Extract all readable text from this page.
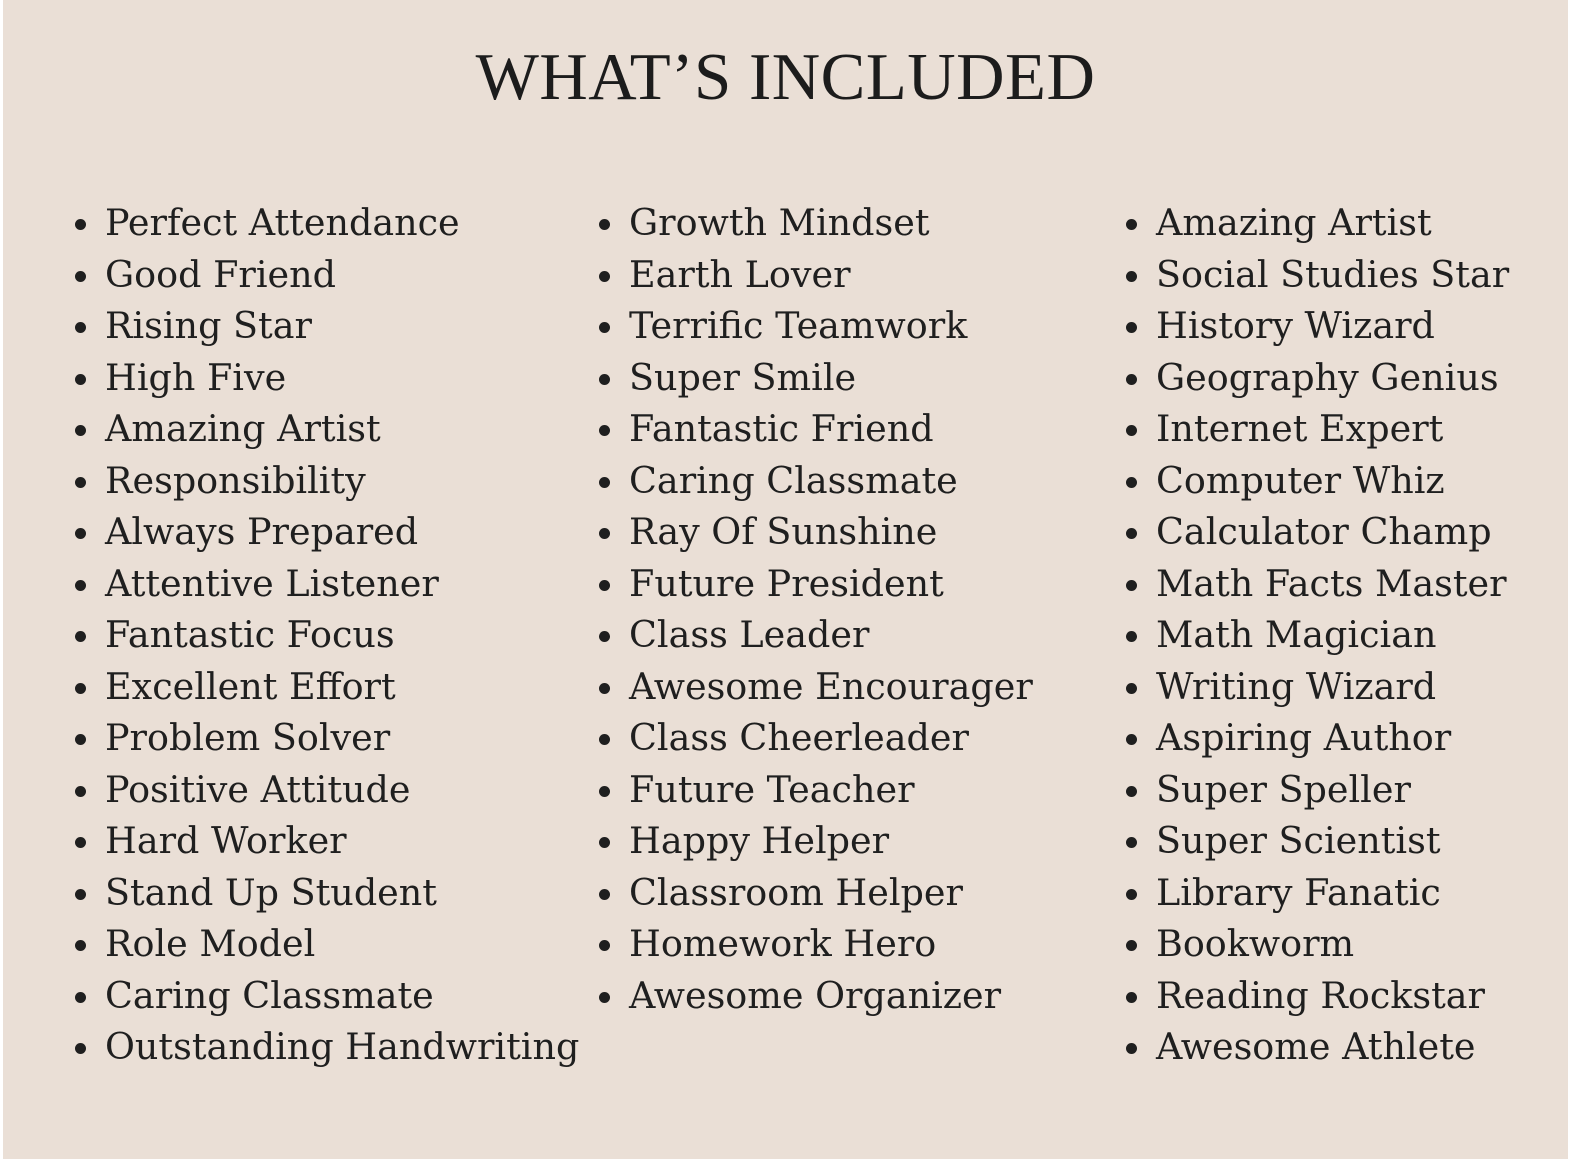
WHAT’S INCLUDED
Perfect Attendance
Good Friend
Rising Star
High Five
Amazing Artist
Responsibility
Always Prepared
Attentive Listener
Fantastic Focus
Excellent Effort
Problem Solver
Positive Attitude
Hard Worker
Stand Up Student
Role Model
Caring Classmate
Outstanding Handwriting
Growth Mindset
Earth Lover
Terrific Teamwork
Super Smile
Fantastic Friend
Caring Classmate
Ray Of Sunshine
Future President
Class Leader
Awesome Encourager
Class Cheerleader
Future Teacher
Happy Helper
Classroom Helper
Homework Hero
Awesome Organizer
Amazing Artist
Social Studies Star
History Wizard
Geography Genius
Internet Expert
Computer Whiz
Calculator Champ
Math Facts Master
Math Magician
Writing Wizard
Aspiring Author
Super Speller
Super Scientist
Library Fanatic
Bookworm
Reading Rockstar
Awesome Athlete
